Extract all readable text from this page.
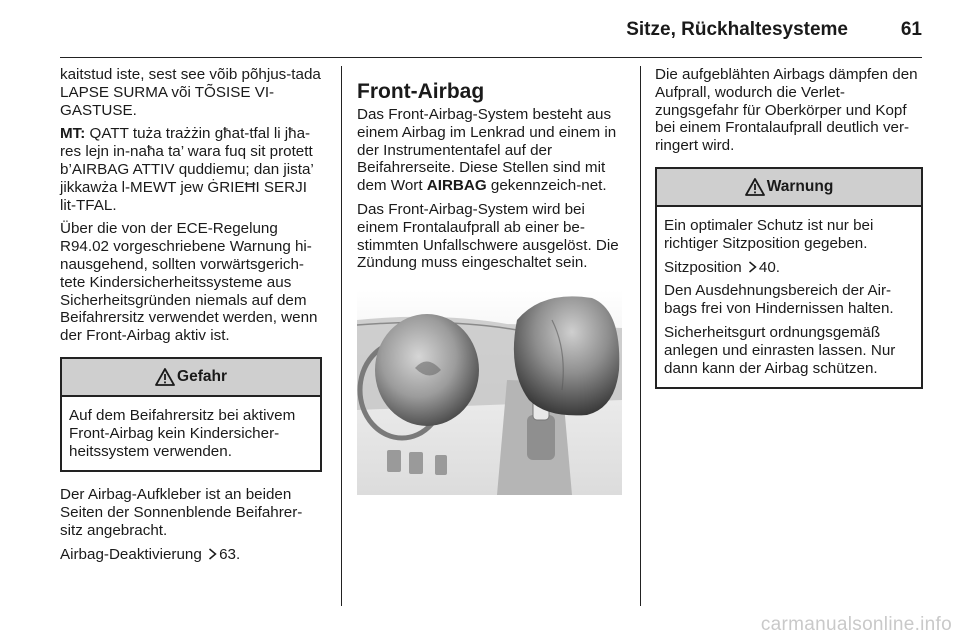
Sitze, Rückhaltesysteme	61

kaitstud iste, sest see võib põhjus-tada LAPSE SURMA või TÕSISE VI-GASTUSE.

MT: QATT tuża trażżin għat-tfal li jħa-res lejn in-naħa ta’ wara fuq sit protett b’AIRBAG ATTIV quddiemu; dan jista’ jikkawża l-MEWT jew ĠRIEĦI SERJI lit-TFAL.

Über die von der ECE-Regelung R94.02 vorgeschriebene Warnung hi-nausgehend, sollten vorwärtsgerich-tete Kindersicherheitssysteme aus Sicherheitsgründen niemals auf dem Beifahrersitz verwendet werden, wenn der Front-Airbag aktiv ist.

Gefahr

Auf dem Beifahrersitz bei aktivem Front-Airbag kein Kindersicher-heitssystem verwenden.

Der Airbag-Aufkleber ist an beiden Seiten der Sonnenblende Beifahrer-sitz angebracht.

Airbag-Deaktivierung 63.

Front-Airbag

Das Front-Airbag-System besteht aus einem Airbag im Lenkrad und einem in der Instrumententafel auf der Beifahrerseite. Diese Stellen sind mit dem Wort AIRBAG gekennzeich-net.

Das Front-Airbag-System wird bei einem Frontalaufprall ab einer be-stimmten Unfallschwere ausgelöst. Die Zündung muss eingeschaltet sein.

Die aufgeblähten Airbags dämpfen den Aufprall, wodurch die Verlet-zungsgefahr für Oberkörper und Kopf bei einem Frontalaufprall deutlich ver-ringert wird.

Warnung

Ein optimaler Schutz ist nur bei richtiger Sitzposition gegeben.

Sitzposition 40.

Den Ausdehnungsbereich der Air-bags frei von Hindernissen halten.

Sicherheitsgurt ordnungsgemäß anlegen und einrasten lassen. Nur dann kann der Airbag schützen.

carmanualsonline.info
